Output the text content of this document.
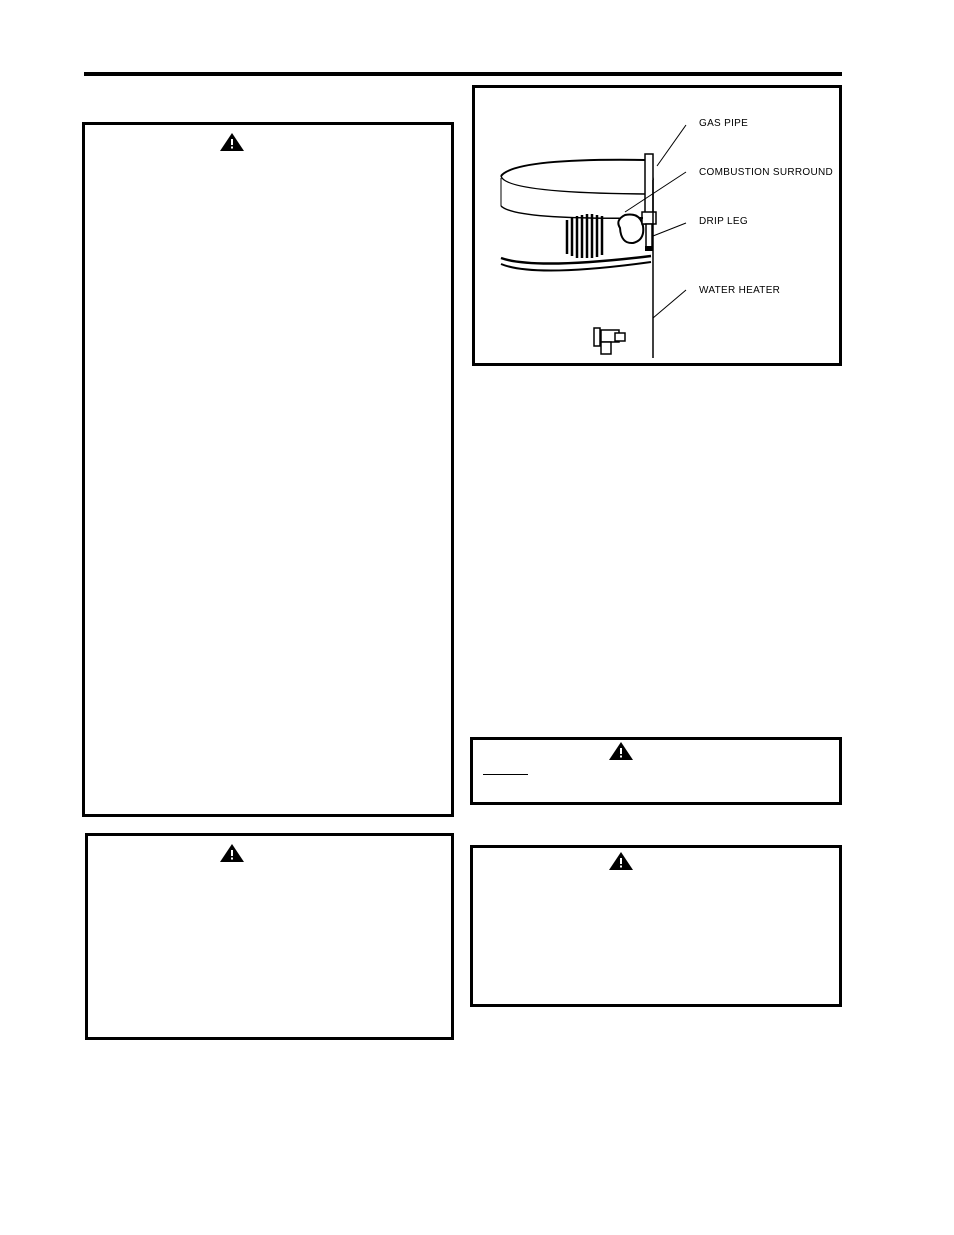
GAS PIPE
COMBUSTION SURROUND
DRIP LEG
WATER HEATER
